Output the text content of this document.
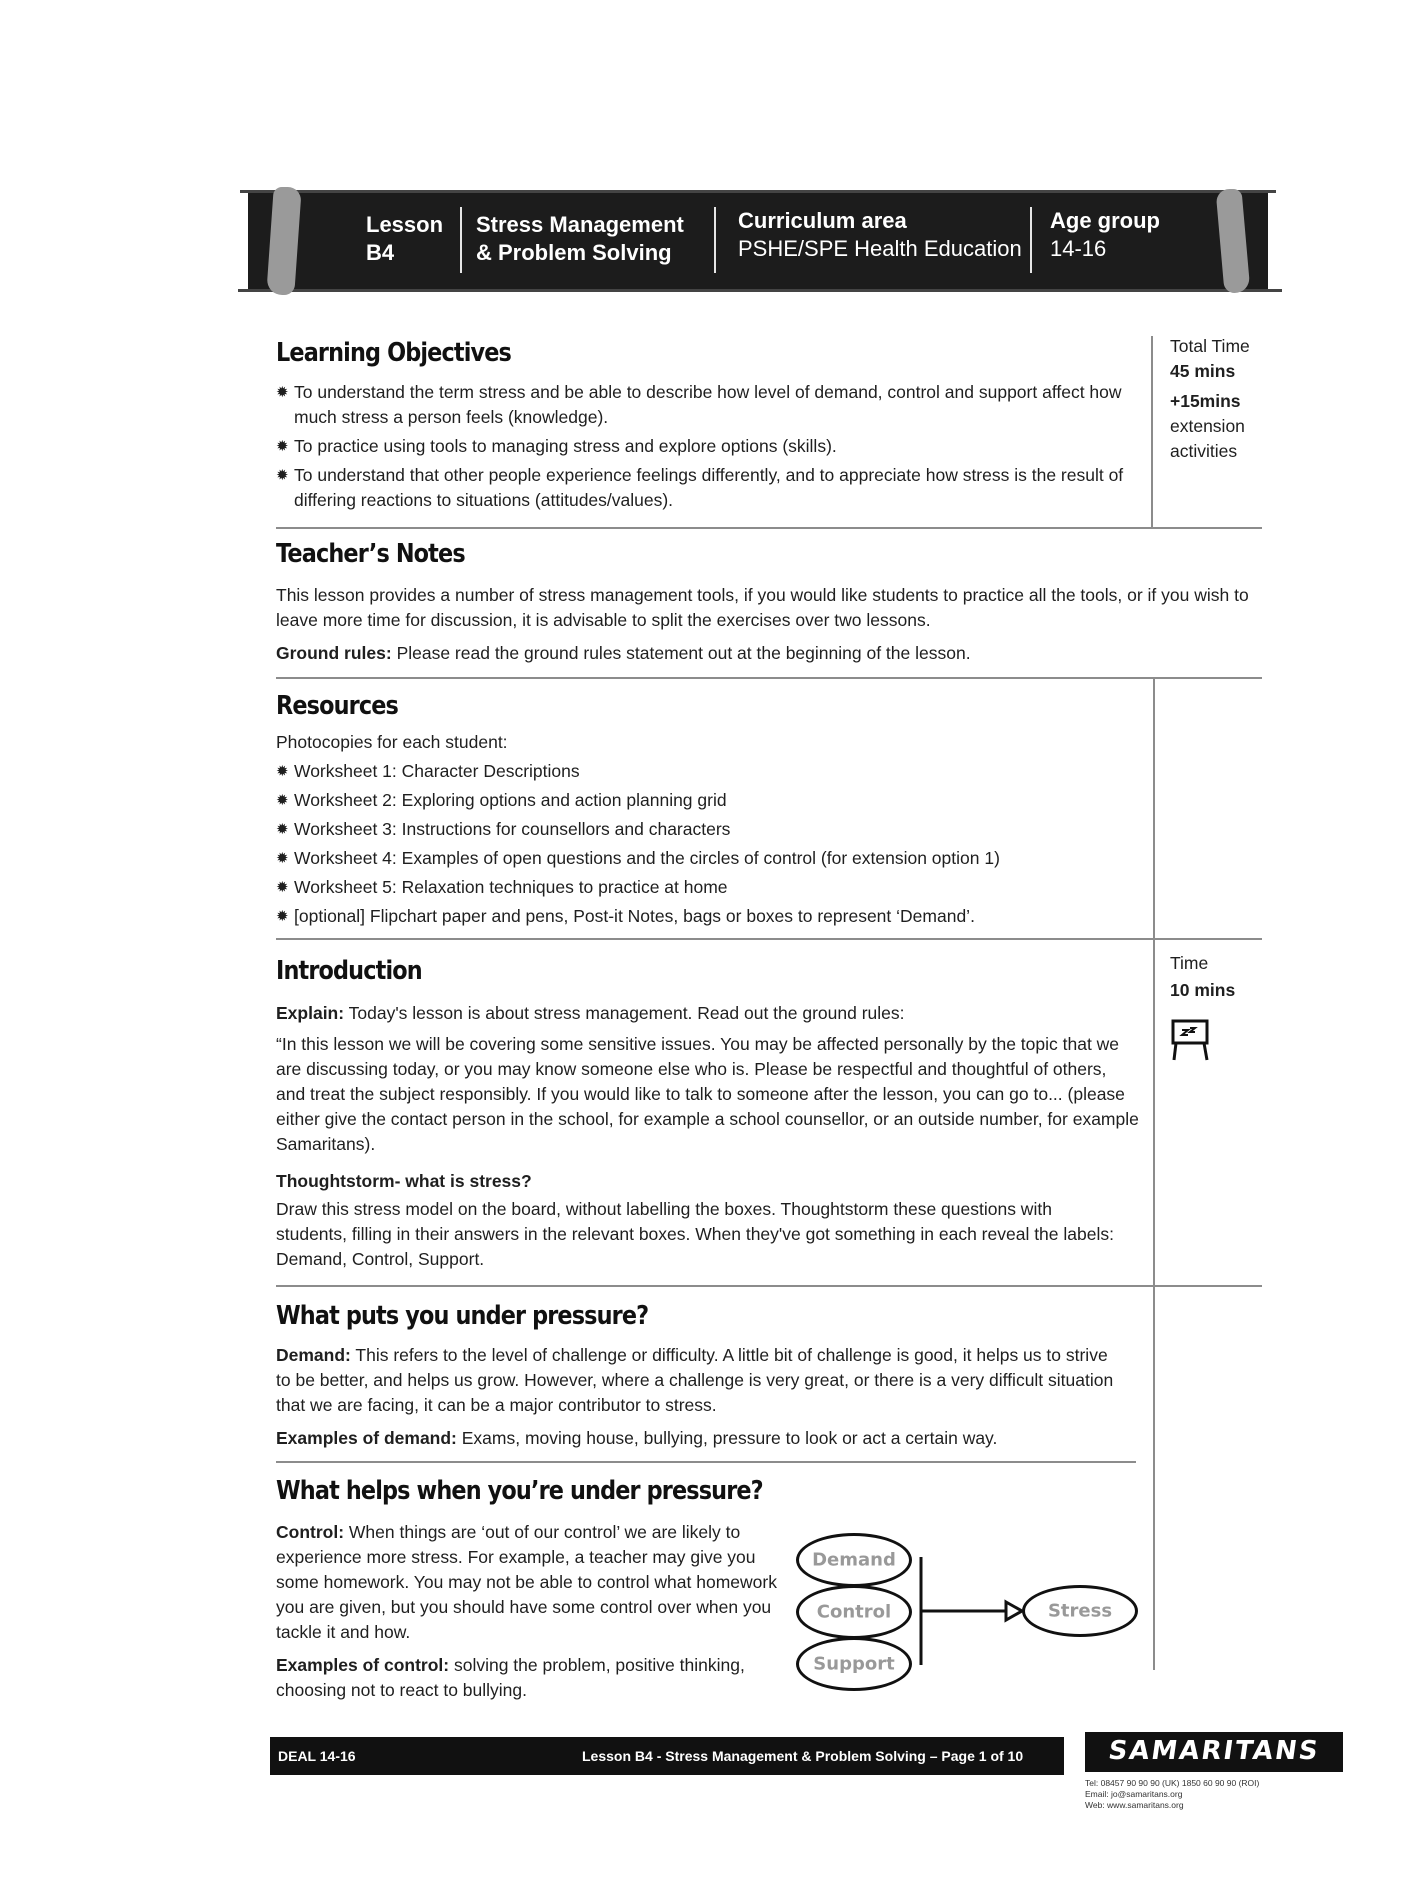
Lesson
B4
Stress Management
& Problem Solving
Curriculum area
PSHE/SPE Health Education
Age group
14-16
Learning Objectives
✹ To understand the term stress and be able to describe how level of demand, control and support affect how much stress a person feels (knowledge).
✹ To practice using tools to managing stress and explore options (skills).
✹ To understand that other people experience feelings differently, and to appreciate how stress is the result of differing reactions to situations (attitudes/values).
Total Time
45 mins
+15mins
extension
activities
Teacher’s Notes
This lesson provides a number of stress management tools, if you would like students to practice all the tools, or if you wish to leave more time for discussion, it is advisable to split the exercises over two lessons.
Ground rules: Please read the ground rules statement out at the beginning of the lesson.
Resources
Photocopies for each student:
✹ Worksheet 1: Character Descriptions
✹ Worksheet 2: Exploring options and action planning grid
✹ Worksheet 3: Instructions for counsellors and characters
✹ Worksheet 4: Examples of open questions and the circles of control (for extension option 1)
✹ Worksheet 5: Relaxation techniques to practice at home
✹ [optional] Flipchart paper and pens, Post-it Notes, bags or boxes to represent ‘Demand’.
Introduction
Explain: Today's lesson is about stress management. Read out the ground rules:
“In this lesson we will be covering some sensitive issues. You may be affected personally by the topic that we are discussing today, or you may know someone else who is. Please be respectful and thoughtful of others, and treat the subject responsibly. If you would like to talk to someone after the lesson, you can go to... (please either give the contact person in the school, for example a school counsellor, or an outside number, for example Samaritans).
Thoughtstorm- what is stress?
Draw this stress model on the board, without labelling the boxes. Thoughtstorm these questions with students, filling in their answers in the relevant boxes. When they've got something in each reveal the labels: Demand, Control, Support.
Time
10 mins
What puts you under pressure?
Demand: This refers to the level of challenge or difficulty. A little bit of challenge is good, it helps us to strive to be better, and helps us grow. However, where a challenge is very great, or there is a very difficult situation that we are facing, it can be a major contributor to stress.
Examples of demand: Exams, moving house, bullying, pressure to look or act a certain way.
What helps when you’re under pressure?
Control: When things are ‘out of our control’ we are likely to experience more stress. For example, a teacher may give you some homework. You may not be able to control what homework you are given, but you should have some control over when you tackle it and how.
Examples of control: solving the problem, positive thinking, choosing not to react to bullying.
Demand
Control
Support
Stress
DEAL 14-16	Lesson B4 - Stress Management & Problem Solving – Page 1 of 10	SAMARITANS
Tel: 08457 90 90 90 (UK) 1850 60 90 90 (ROI)
Email: jo@samaritans.org
Web: www.samaritans.org
